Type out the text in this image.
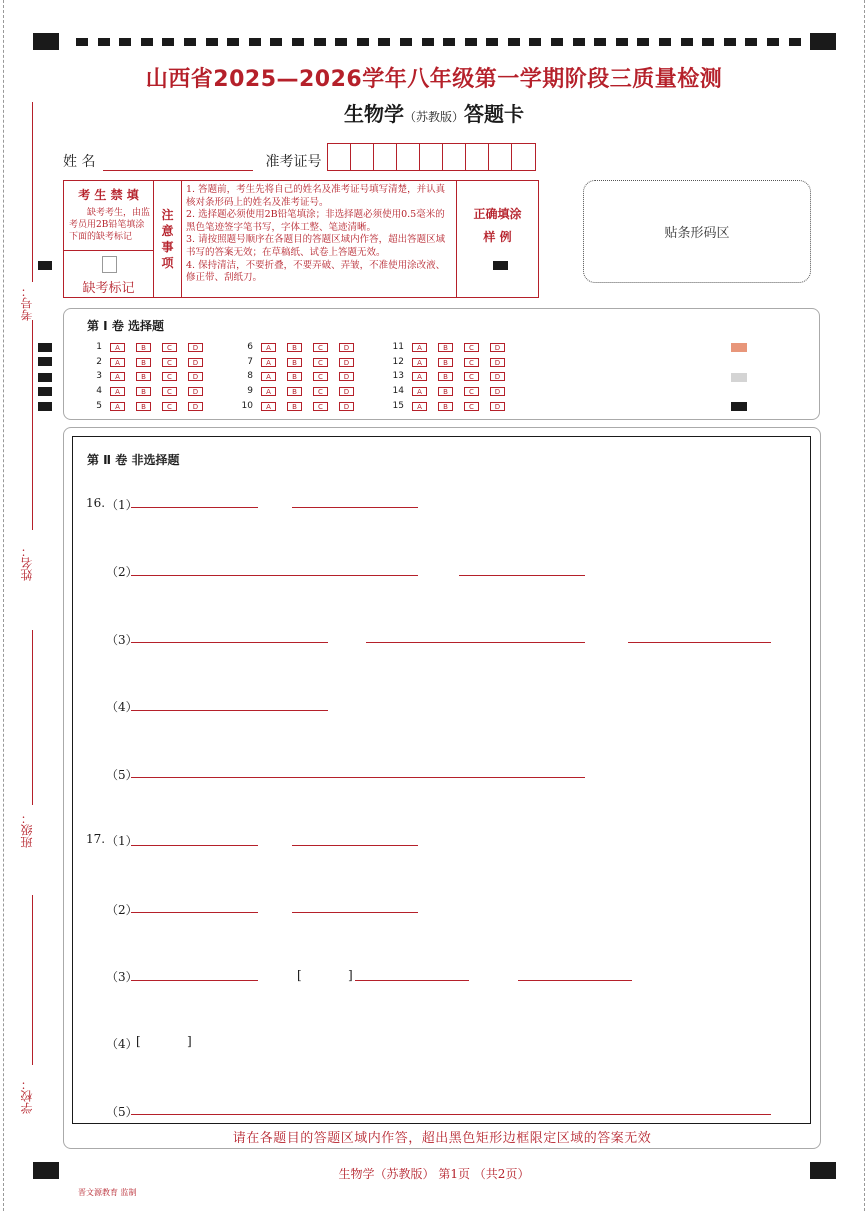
山西省2025—2026学年八年级第一学期阶段三质量检测
生物学（苏教版）答题卡
考号：
姓名：
班级：
学校：
姓 名	准考证号
考 生 禁 填
缺考考生，由监考员用2B铅笔填涂下面的缺考标记
缺考标记
注
意
事
项
1. 答题前，考生先将自己的姓名及准考证号填写清楚，并认真核对条形码上的姓名及准考证号。
2. 选择题必须使用2B铅笔填涂；非选择题必须使用0.5毫米的黑色笔迹签字笔书写，字体工整、笔迹清晰。
3. 请按照题号顺序在各题目的答题区域内作答，超出答题区域书写的答案无效；在草稿纸、试卷上答题无效。
4. 保持清洁，不要折叠，不要弄破、弄皱，不准使用涂改液、修正带、刮纸刀。
正确填涂
样 例	贴条形码区
第 Ⅰ 卷 选择题
1	A	B	C	D
2	A	B	C	D
3	A	B	C	D
4	A	B	C	D
5	A	B	C	D
6	A	B	C	D
7	A	B	C	D
8	A	B	C	D
9	A	B	C	D
10	A	B	C	D
11	A	B	C	D
12	A	B	C	D
13	A	B	C	D
14	A	B	C	D
15	A	B	C	D
第 Ⅱ 卷 非选择题
16. （1）
（2）
（3）
（4）
（5）
17. （1）
（2）
（3）	[	]
（4）
[	]
（5）
请在各题目的答题区域内作答，超出黑色矩形边框限定区域的答案无效
生物学（苏教版） 第1页 （共2页）
晋文源教育 监制
